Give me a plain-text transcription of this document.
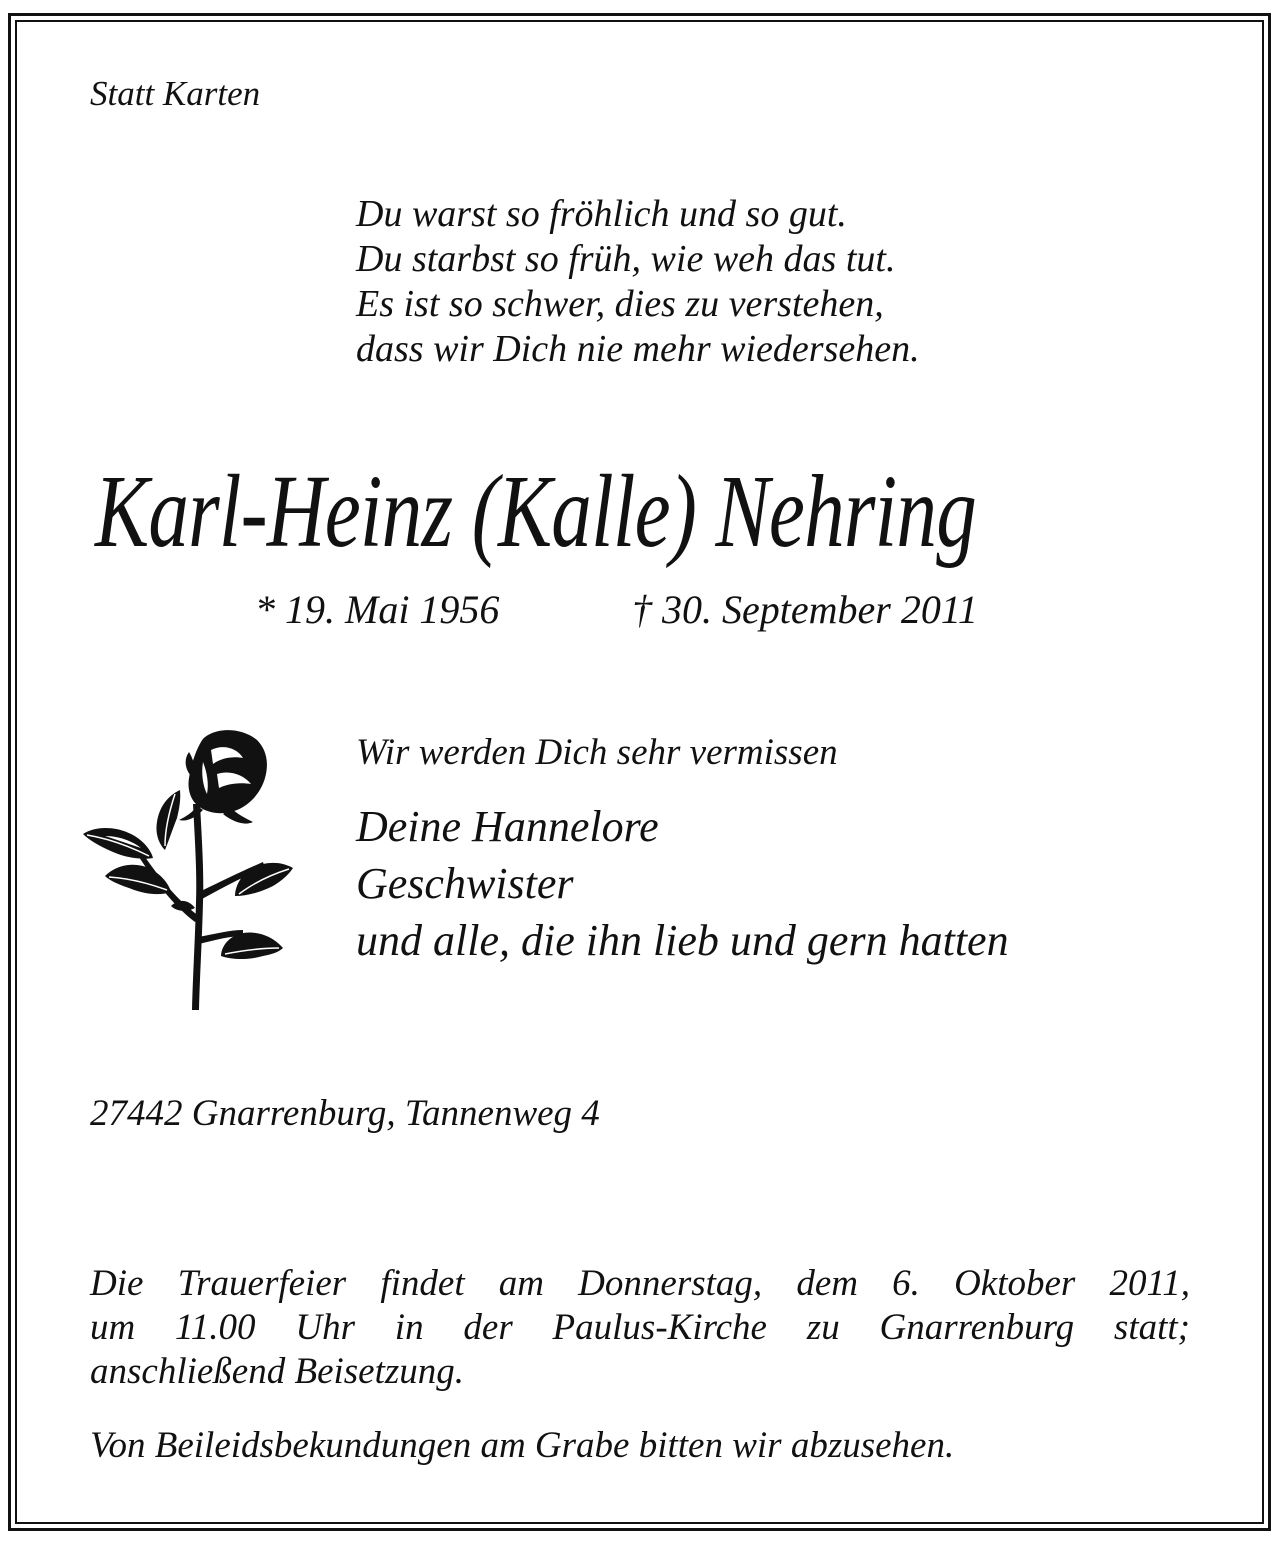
Statt Karten
Du warst so fröhlich und so gut.
Du starbst so früh, wie weh das tut.
Es ist so schwer, dies zu verstehen,
dass wir Dich nie mehr wiedersehen.
Karl-Heinz (Kalle) Nehring
* 19. Mai 1956	† 30. September 2011
Wir werden Dich sehr vermissen
Deine Hannelore
Geschwister
und alle, die ihn lieb und gern hatten
27442 Gnarrenburg, Tannenweg 4
Die Trauerfeier findet am Donnerstag, dem 6. Oktober 2011,
um 11.00 Uhr in der Paulus-Kirche zu Gnarrenburg statt;
anschließend Beisetzung.
Von Beileidsbekundungen am Grabe bitten wir abzusehen.
